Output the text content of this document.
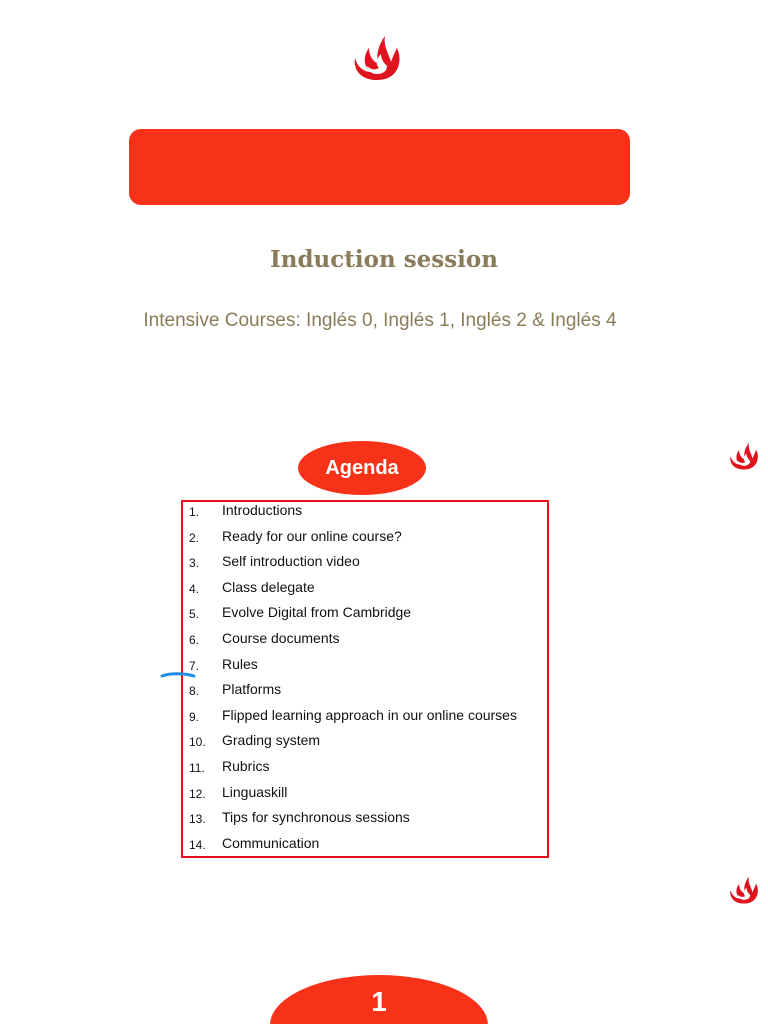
Induction session
Intensive Courses: Inglés 0, Inglés 1, Inglés 2 & Inglés 4
Agenda
1. Introductions
2. Ready for our online course?
3. Self introduction video
4. Class delegate
5. Evolve Digital from Cambridge
6. Course documents
7. Rules
8. Platforms
9. Flipped learning approach in our online courses
10. Grading system
11. Rubrics
12. Linguaskill
13. Tips for synchronous sessions
14. Communication
1
